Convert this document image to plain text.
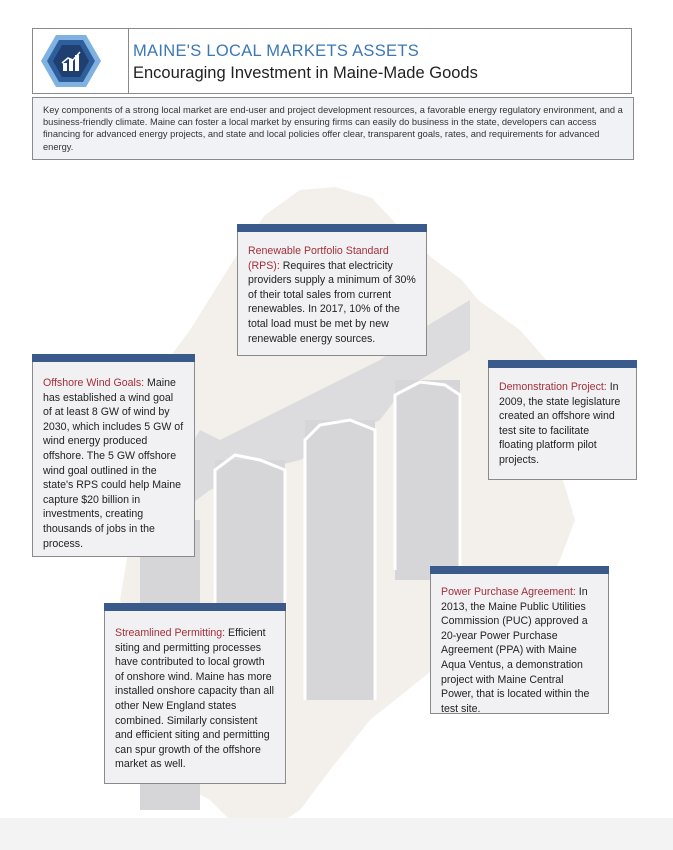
MAINE'S LOCAL MARKETS ASSETS
Encouraging Investment in Maine-Made Goods
Key components of a strong local market are end-user and project development resources, a favorable energy regulatory environment, and a business-friendly climate. Maine can foster a local market by ensuring firms can easily do business in the state, developers can access financing for advanced energy projects, and state and local policies offer clear, transparent goals, rates, and requirements for advanced energy.
Renewable Portfolio Standard (RPS): Requires that electricity providers supply a minimum of 30% of their total sales from current renewables. In 2017, 10% of the total load must be met by new renewable energy sources.
Offshore Wind Goals: Maine has established a wind goal of at least 8 GW of wind by 2030, which includes 5 GW of wind energy produced offshore. The 5 GW offshore wind goal outlined in the state's RPS could help Maine capture $20 billion in investments, creating thousands of jobs in the process.
Demonstration Project: In 2009, the state legislature created an offshore wind test site to facilitate floating platform pilot projects.
Power Purchase Agreement: In 2013, the Maine Public Utilities Commission (PUC) approved a 20-year Power Purchase Agreement (PPA) with Maine Aqua Ventus, a demonstration project with Maine Central Power, that is located within the test site.
Streamlined Permitting: Efficient siting and permitting processes have contributed to local growth of onshore wind. Maine has more installed onshore capacity than all other New England states combined. Similarly consistent and efficient siting and permitting can spur growth of the offshore market as well.
